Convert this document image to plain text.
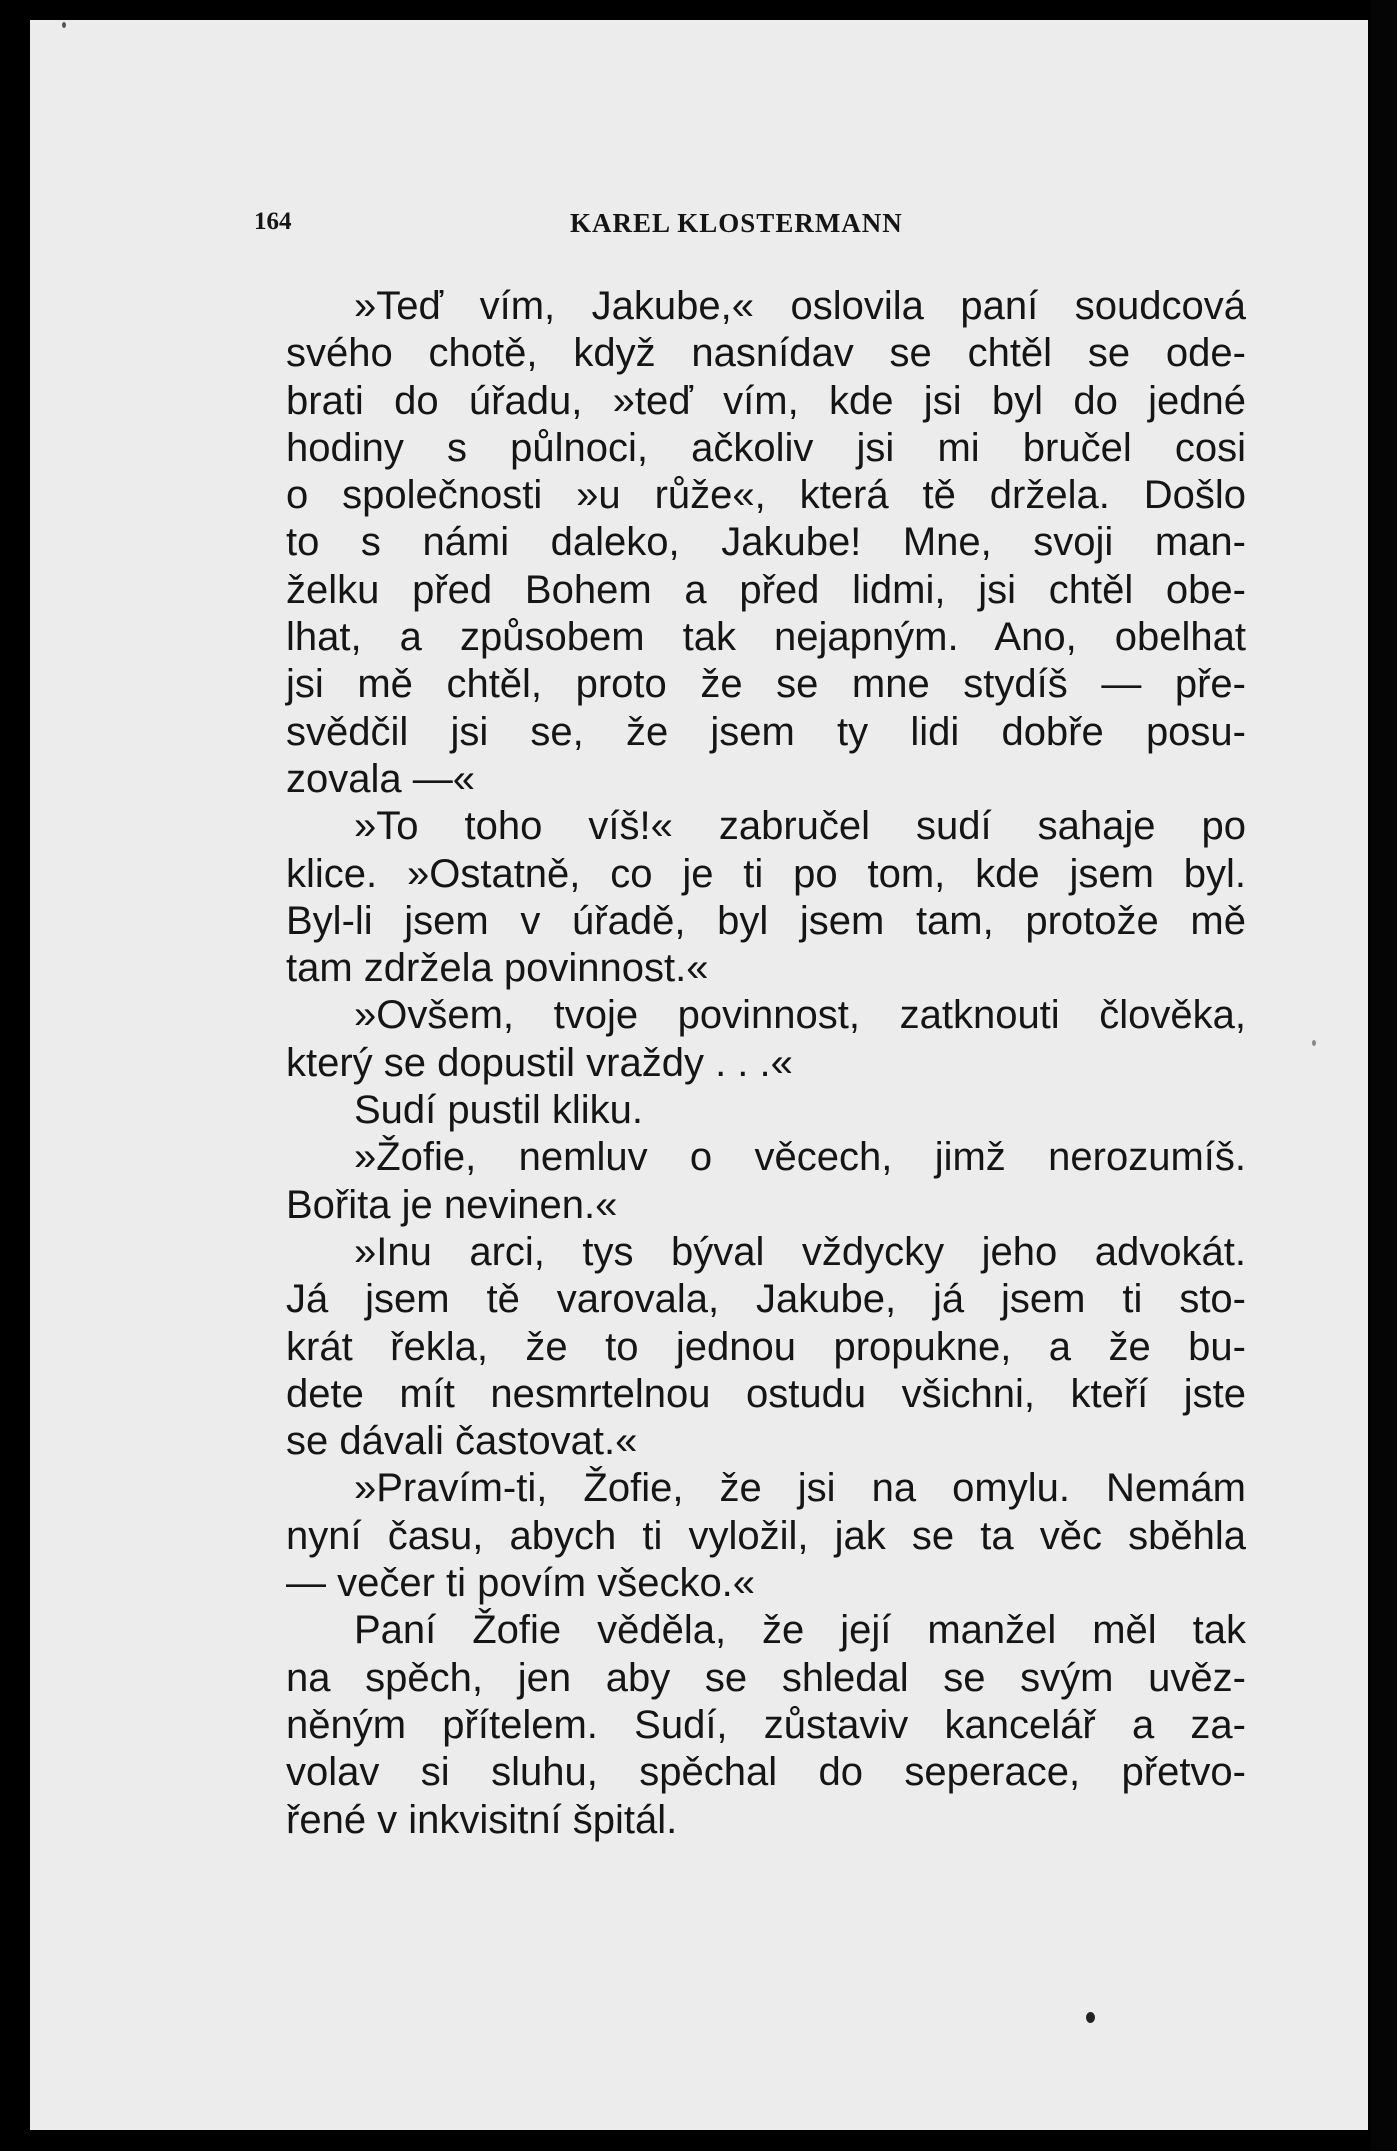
164	KAREL KLOSTERMANN
»Teď vím, Jakube,« oslovila paní soudcová
svého chotě, když nasnídav se chtěl se ode-
brati do úřadu, »teď vím, kde jsi byl do jedné
hodiny s půlnoci, ačkoliv jsi mi bručel cosi
o společnosti »u růže«, která tě držela. Došlo
to s námi daleko, Jakube! Mne, svoji man-
želku před Bohem a před lidmi, jsi chtěl obe-
lhat, a způsobem tak nejapným. Ano, obelhat
jsi mě chtěl, proto že se mne stydíš — pře-
svědčil jsi se, že jsem ty lidi dobře posu-
zovala —«
»To toho víš!« zabručel sudí sahaje po
klice. »Ostatně, co je ti po tom, kde jsem byl.
Byl-li jsem v úřadě, byl jsem tam, protože mě
tam zdržela povinnost.«
»Ovšem, tvoje povinnost, zatknouti člověka,
který se dopustil vraždy . . .«
Sudí pustil kliku.
»Žofie, nemluv o věcech, jimž nerozumíš.
Bořita je nevinen.«
»Inu arci, tys býval vždycky jeho advokát.
Já jsem tě varovala, Jakube, já jsem ti sto-
krát řekla, že to jednou propukne, a že bu-
dete mít nesmrtelnou ostudu všichni, kteří jste
se dávali častovat.«
»Pravím-ti, Žofie, že jsi na omylu. Nemám
nyní času, abych ti vyložil, jak se ta věc sběhla
— večer ti povím všecko.«
Paní Žofie věděla, že její manžel měl tak
na spěch, jen aby se shledal se svým uvěz-
něným přítelem. Sudí, zůstaviv kancelář a za-
volav si sluhu, spěchal do seperace, přetvo-
řené v inkvisitní špitál.
